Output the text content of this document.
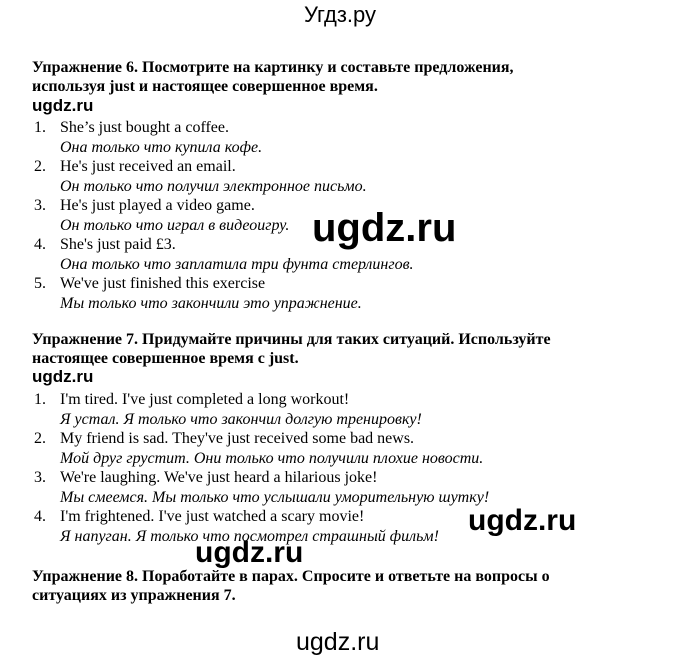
Угдз.ру
Упражнение 6. Посмотрите на картинку и составьте предложения,
используя just и настоящее совершенное время.
ugdz.ru
1. She’s just bought a coffee.
Она только что купила кофе.
2. He's just received an email.
Он только что получил электронное письмо.
3. He's just played a video game.
Он только что играл в видеоигру.
4. She's just paid £3.
Она только что заплатила три фунта стерлингов.
5. We've just finished this exercise
Мы только что закончили это упражнение.
ugdz.ru
Упражнение 7. Придумайте причины для таких ситуаций. Используйте
настоящее совершенное время с just.
ugdz.ru
1. I'm tired. I've just completed a long workout!
Я устал. Я только что закончил долгую тренировку!
2. My friend is sad. They've just received some bad news.
Мой друг грустит. Они только что получили плохие новости.
3. We're laughing. We've just heard a hilarious joke!
Мы смеемся. Мы только что услышали уморительную шутку!
4. I'm frightened. I've just watched a scary movie!
Я напуган. Я только что посмотрел страшный фильм! ugdz.ru
ugdz.ru
Упражнение 8. Поработайте в парах. Спросите и ответьте на вопросы о
ситуациях из упражнения 7.
ugdz.ru
